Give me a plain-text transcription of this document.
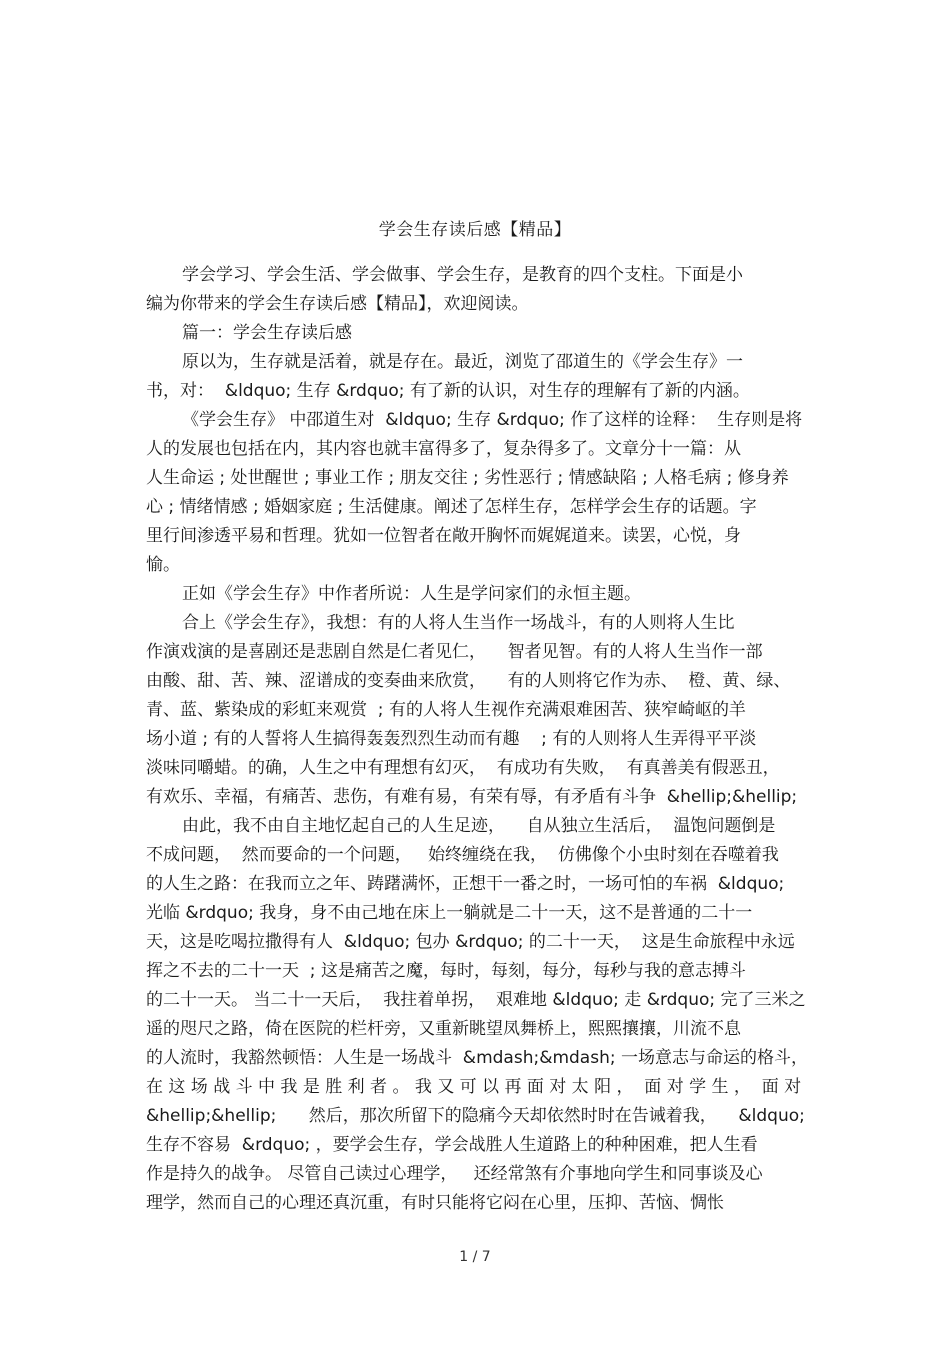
学会生存读后感【精品】
学会学习、学会生活、学会做事、学会生存，是教育的四个支柱。下面是小
编为你带来的学会生存读后感【精品】，欢迎阅读。
篇一：学会生存读后感
原以为，生存就是活着，就是存在。最近，浏览了邵道生的《学会生存》一
书，对：  &ldquo; 生存 &rdquo; 有了新的认识，对生存的理解有了新的内涵。
《学会生存》 中邵道生对  &ldquo; 生存 &rdquo; 作了这样的诠释：  生存则是将
人的发展也包括在内，其内容也就丰富得多了，复杂得多了。文章分十一篇：从
人生命运 ; 处世醒世 ; 事业工作 ; 朋友交往 ; 劣性恶行 ; 情感缺陷 ; 人格毛病 ; 修身养
心 ; 情绪情感 ; 婚姻家庭 ; 生活健康。阐述了怎样生存，怎样学会生存的话题。字
里行间渗透平易和哲理。犹如一位智者在敞开胸怀而娓娓道来。读罢，心悦，身
愉。
正如《学会生存》中作者所说：人生是学问家们的永恒主题。
合上《学会生存》，我想：有的人将人生当作一场战斗，有的人则将人生比
作演戏演的是喜剧还是悲剧自然是仁者见仁，    智者见智。有的人将人生当作一部
由酸、甜、苦、辣、涩谱成的变奏曲来欣赏，    有的人则将它作为赤、  橙、黄、绿、
青、蓝、紫染成的彩虹来观赏  ; 有的人将人生视作充满艰难困苦、狭窄崎岖的羊
场小道 ; 有的人誓将人生搞得轰轰烈烈生动而有趣    ; 有的人则将人生弄得平平淡
淡味同嚼蜡。的确，人生之中有理想有幻灭，  有成功有失败，  有真善美有假恶丑，
有欢乐、幸福，有痛苦、悲伤，有难有易，有荣有辱，有矛盾有斗争  &hellip;&hellip;
由此，我不由自主地忆起自己的人生足迹，    自从独立生活后，  温饱问题倒是
不成问题，  然而要命的一个问题，   始终缠绕在我，  仿佛像个小虫时刻在吞噬着我
的人生之路：在我而立之年、踌躇满怀，正想干一番之时，一场可怕的车祸  &ldquo;
光临 &rdquo; 我身，身不由己地在床上一躺就是二十一天，这不是普通的二十一
天，这是吃喝拉撒得有人  &ldquo; 包办 &rdquo; 的二十一天，  这是生命旅程中永远
挥之不去的二十一天  ; 这是痛苦之魔，每时，每刻，每分，每秒与我的意志搏斗
的二十一天。 当二十一天后，  我拄着单拐，  艰难地 &ldquo; 走 &rdquo; 完了三米之
遥的咫尺之路，倚在医院的栏杆旁，又重新眺望凤舞桥上，熙熙攘攘，川流不息
的人流时，我豁然顿悟：人生是一场战斗  &mdash;&mdash; 一场意志与命运的格斗，
在 这 场 战 斗 中 我 是 胜 利 者 。 我 又 可 以 再 面 对 太 阳 ，  面 对 学 生 ，  面 对
&hellip;&hellip;      然后，那次所留下的隐痛今天却依然时时在告诫着我，    &ldquo;
生存不容易  &rdquo; ，要学会生存，学会战胜人生道路上的种种困难，把人生看
作是持久的战争。 尽管自己读过心理学，   还经常煞有介事地向学生和同事谈及心
理学，然而自己的心理还真沉重，有时只能将它闷在心里，压抑、苦恼、惆怅
1 / 7
